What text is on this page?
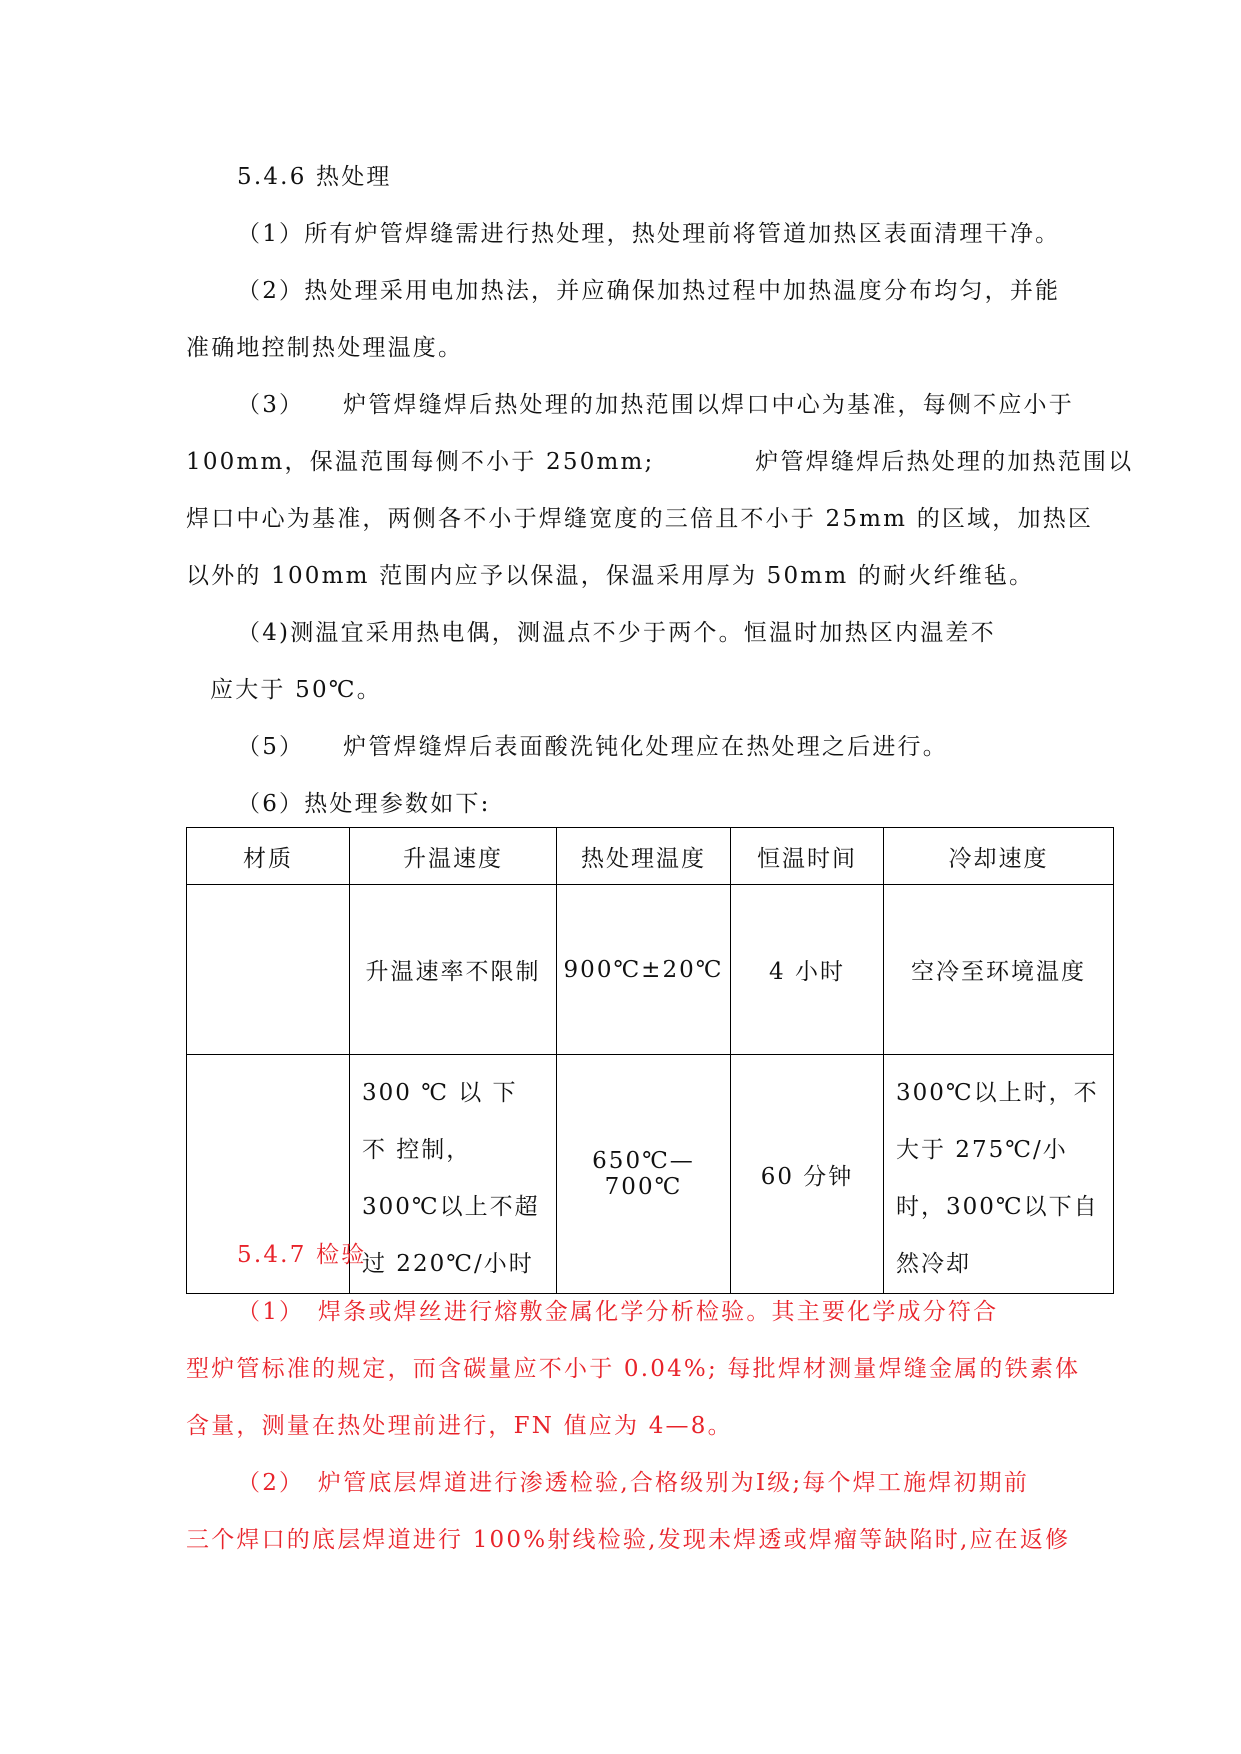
5.4.6 热处理
（1）所有炉管焊缝需进行热处理，热处理前将管道加热区表面清理干净。
（2）热处理采用电加热法，并应确保加热过程中加热温度分布均匀，并能
准确地控制热处理温度。
（3）　　炉管焊缝焊后热处理的加热范围以焊口中心为基准，每侧不应小于
100mm，保温范围每侧不小于 250mm;　　　　炉管焊缝焊后热处理的加热范围以
焊口中心为基准，两侧各不小于焊缝宽度的三倍且不小于 25mm 的区域，加热区
以外的 100mm 范围内应予以保温，保温采用厚为 50mm 的耐火纤维毡。
（4)测温宜采用热电偶，测温点不少于两个。恒温时加热区内温差不
应大于 50℃。
（5）　　炉管焊缝焊后表面酸洗钝化处理应在热处理之后进行。
（6）热处理参数如下:
材质	升温速度	热处理温度	恒温时间	冷却速度
	升温速率不限制	900℃±20℃	4 小时	空冷至环境温度
	300 ℃ 以 下 不 控制，300℃以上不超过 220℃/小时	650℃—700℃	60 分钟	300℃以上时，不大于 275℃/小时，300℃以下自然冷却
5.4.7 检验
（1）　焊条或焊丝进行熔敷金属化学分析检验。其主要化学成分符合
型炉管标准的规定，而含碳量应不小于 0.04%; 每批焊材测量焊缝金属的铁素体
含量，测量在热处理前进行，FN 值应为 4—8。
（2）　炉管底层焊道进行渗透检验,合格级别为Ⅰ级;每个焊工施焊初期前
三个焊口的底层焊道进行 100%射线检验,发现未焊透或焊瘤等缺陷时,应在返修
